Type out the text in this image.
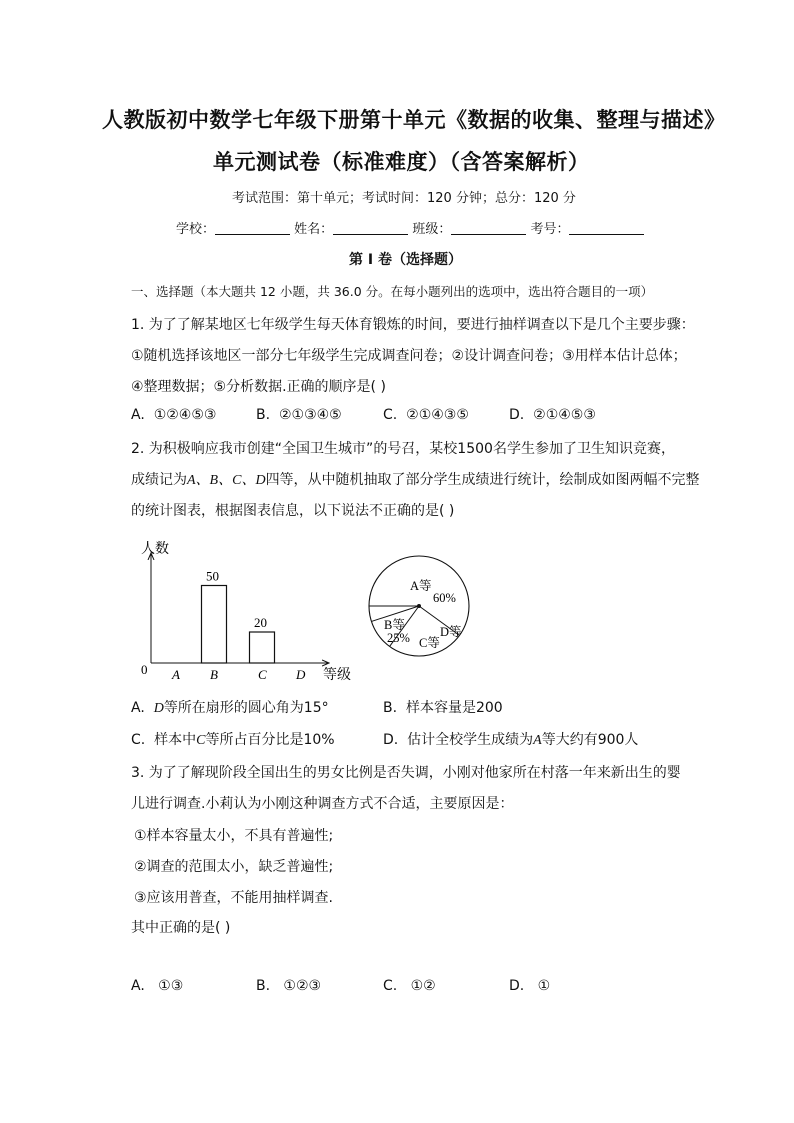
人教版初中数学七年级下册第十单元《数据的收集、整理与描述》
单元测试卷（标准难度）（含答案解析）
考试范围：第十单元；考试时间：120 分钟；总分：120 分
学校：	姓名：	班级：	考号：
第 I 卷（选择题）
一、选择题（本大题共 12 小题，共 36.0 分。在每小题列出的选项中，选出符合题目的一项）
1. 为了了解某地区七年级学生每天体育锻炼的时间，要进行抽样调查以下是几个主要步骤：
①随机选择该地区一部分七年级学生完成调查问卷；②设计调查问卷；③用样本估计总体；
④整理数据；⑤分析数据.正确的顺序是( )
A. ①②④⑤③	B. ②①③④⑤	C. ②①④③⑤	D. ②①④⑤③
2. 为积极响应我市创建“全国卫生城市”的号召，某校1500名学生参加了卫生知识竞赛，
成绩记为A、B、C、D四等，从中随机抽取了部分学生成绩进行统计，绘制成如图两幅不完整
的统计图表，根据图表信息，以下说法不正确的是( )
人数
等级
0 A B
50
C
20
D
A等
60%
B等
25% C等
D等
A. D等所在扇形的圆心角为15°	B. 样本容量是200
C. 样本中C等所占百分比是10%	D. 估计全校学生成绩为A等大约有900人
3. 为了了解现阶段全国出生的男女比例是否失调，小刚对他家所在村落一年来新出生的婴
儿进行调查.小莉认为小刚这种调查方式不合适，主要原因是：
①样本容量太小，不具有普遍性;
②调查的范围太小，缺乏普遍性;
③应该用普查，不能用抽样调查.
其中正确的是( )
A. ①③	B. ①②③	C. ①②	D. ①
